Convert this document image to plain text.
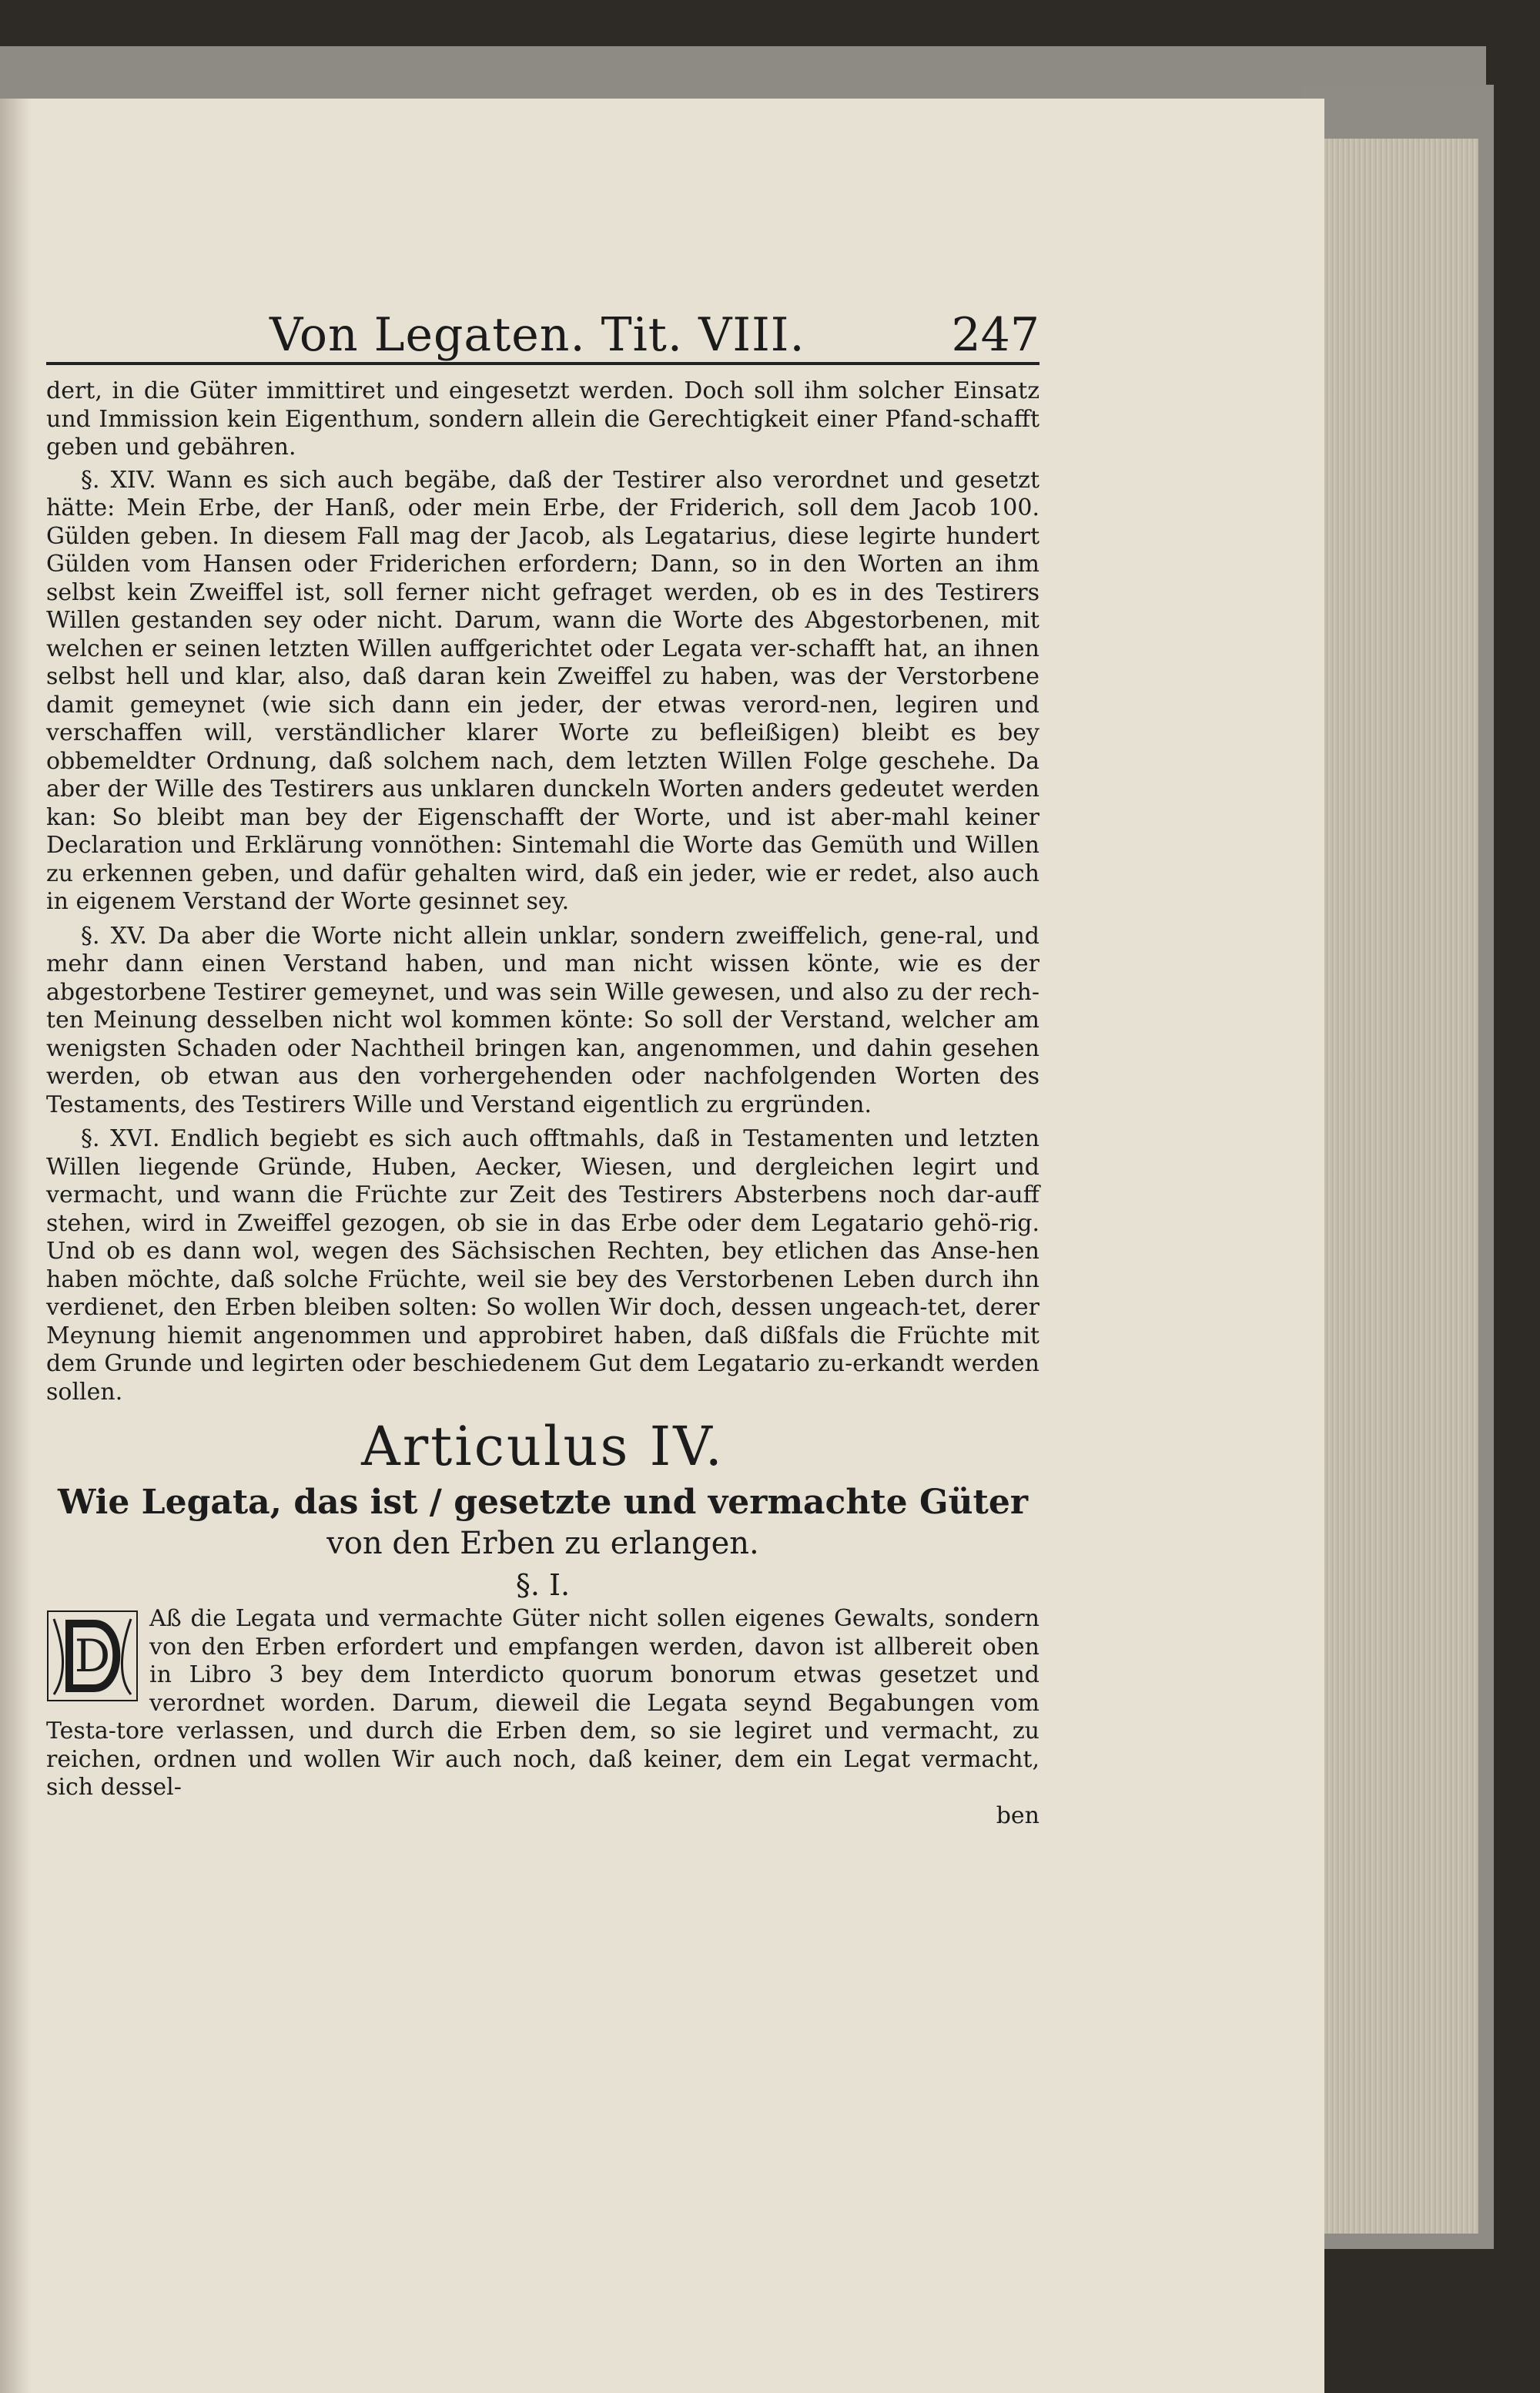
Von Legaten. Tit. VIII.	247

dert, in die Güter immittiret und eingesetzt werden. Doch soll ihm solcher Einsatz und Immission kein Eigenthum, sondern allein die Gerechtigkeit einer Pfand-schafft geben und gebähren.

§. XIV. Wann es sich auch begäbe, daß der Testirer also verordnet und gesetzt hätte: Mein Erbe, der Hanß, oder mein Erbe, der Friderich, soll dem Jacob 100. Gülden geben. In diesem Fall mag der Jacob, als Legatarius, diese legirte hundert Gülden vom Hansen oder Friderichen erfordern; Dann, so in den Worten an ihm selbst kein Zweiffel ist, soll ferner nicht gefraget werden, ob es in des Testirers Willen gestanden sey oder nicht. Darum, wann die Worte des Abgestorbenen, mit welchen er seinen letzten Willen auffgerichtet oder Legata ver-schafft hat, an ihnen selbst hell und klar, also, daß daran kein Zweiffel zu haben, was der Verstorbene damit gemeynet (wie sich dann ein jeder, der etwas verord-nen, legiren und verschaffen will, verständlicher klarer Worte zu befleißigen) bleibt es bey obbemeldter Ordnung, daß solchem nach, dem letzten Willen Folge geschehe. Da aber der Wille des Testirers aus unklaren dunckeln Worten anders gedeutet werden kan: So bleibt man bey der Eigenschafft der Worte, und ist aber-mahl keiner Declaration und Erklärung vonnöthen: Sintemahl die Worte das Gemüth und Willen zu erkennen geben, und dafür gehalten wird, daß ein jeder, wie er redet, also auch in eigenem Verstand der Worte gesinnet sey.

§. XV. Da aber die Worte nicht allein unklar, sondern zweiffelich, gene-ral, und mehr dann einen Verstand haben, und man nicht wissen könte, wie es der abgestorbene Testirer gemeynet, und was sein Wille gewesen, und also zu der rech-ten Meinung desselben nicht wol kommen könte: So soll der Verstand, welcher am wenigsten Schaden oder Nachtheil bringen kan, angenommen, und dahin gesehen werden, ob etwan aus den vorhergehenden oder nachfolgenden Worten des Testaments, des Testirers Wille und Verstand eigentlich zu ergründen.

§. XVI. Endlich begiebt es sich auch offtmahls, daß in Testamenten und letzten Willen liegende Gründe, Huben, Aecker, Wiesen, und dergleichen legirt und vermacht, und wann die Früchte zur Zeit des Testirers Absterbens noch dar-auff stehen, wird in Zweiffel gezogen, ob sie in das Erbe oder dem Legatario gehö-rig. Und ob es dann wol, wegen des Sächsischen Rechten, bey etlichen das Anse-hen haben möchte, daß solche Früchte, weil sie bey des Verstorbenen Leben durch ihn verdienet, den Erben bleiben solten: So wollen Wir doch, dessen ungeach-tet, derer Meynung hiemit angenommen und approbiret haben, daß dißfals die Früchte mit dem Grunde und legirten oder beschiedenem Gut dem Legatario zu-erkandt werden sollen.

Articulus IV.
Wie Legata, das ist / gesetzte und vermachte Güter
von den Erben zu erlangen.
§. I.

D
Aß die Legata und vermachte Güter nicht sollen eigenes Gewalts, sondern von den Erben erfordert und empfangen werden, davon ist allbereit oben in Libro 3 bey dem Interdicto quorum bonorum etwas gesetzet und verordnet worden. Darum, dieweil die Legata seynd Begabungen vom Testa-tore verlassen, und durch die Erben dem, so sie legiret und vermacht, zu reichen, ordnen und wollen Wir auch noch, daß keiner, dem ein Legat vermacht, sich dessel-

ben
